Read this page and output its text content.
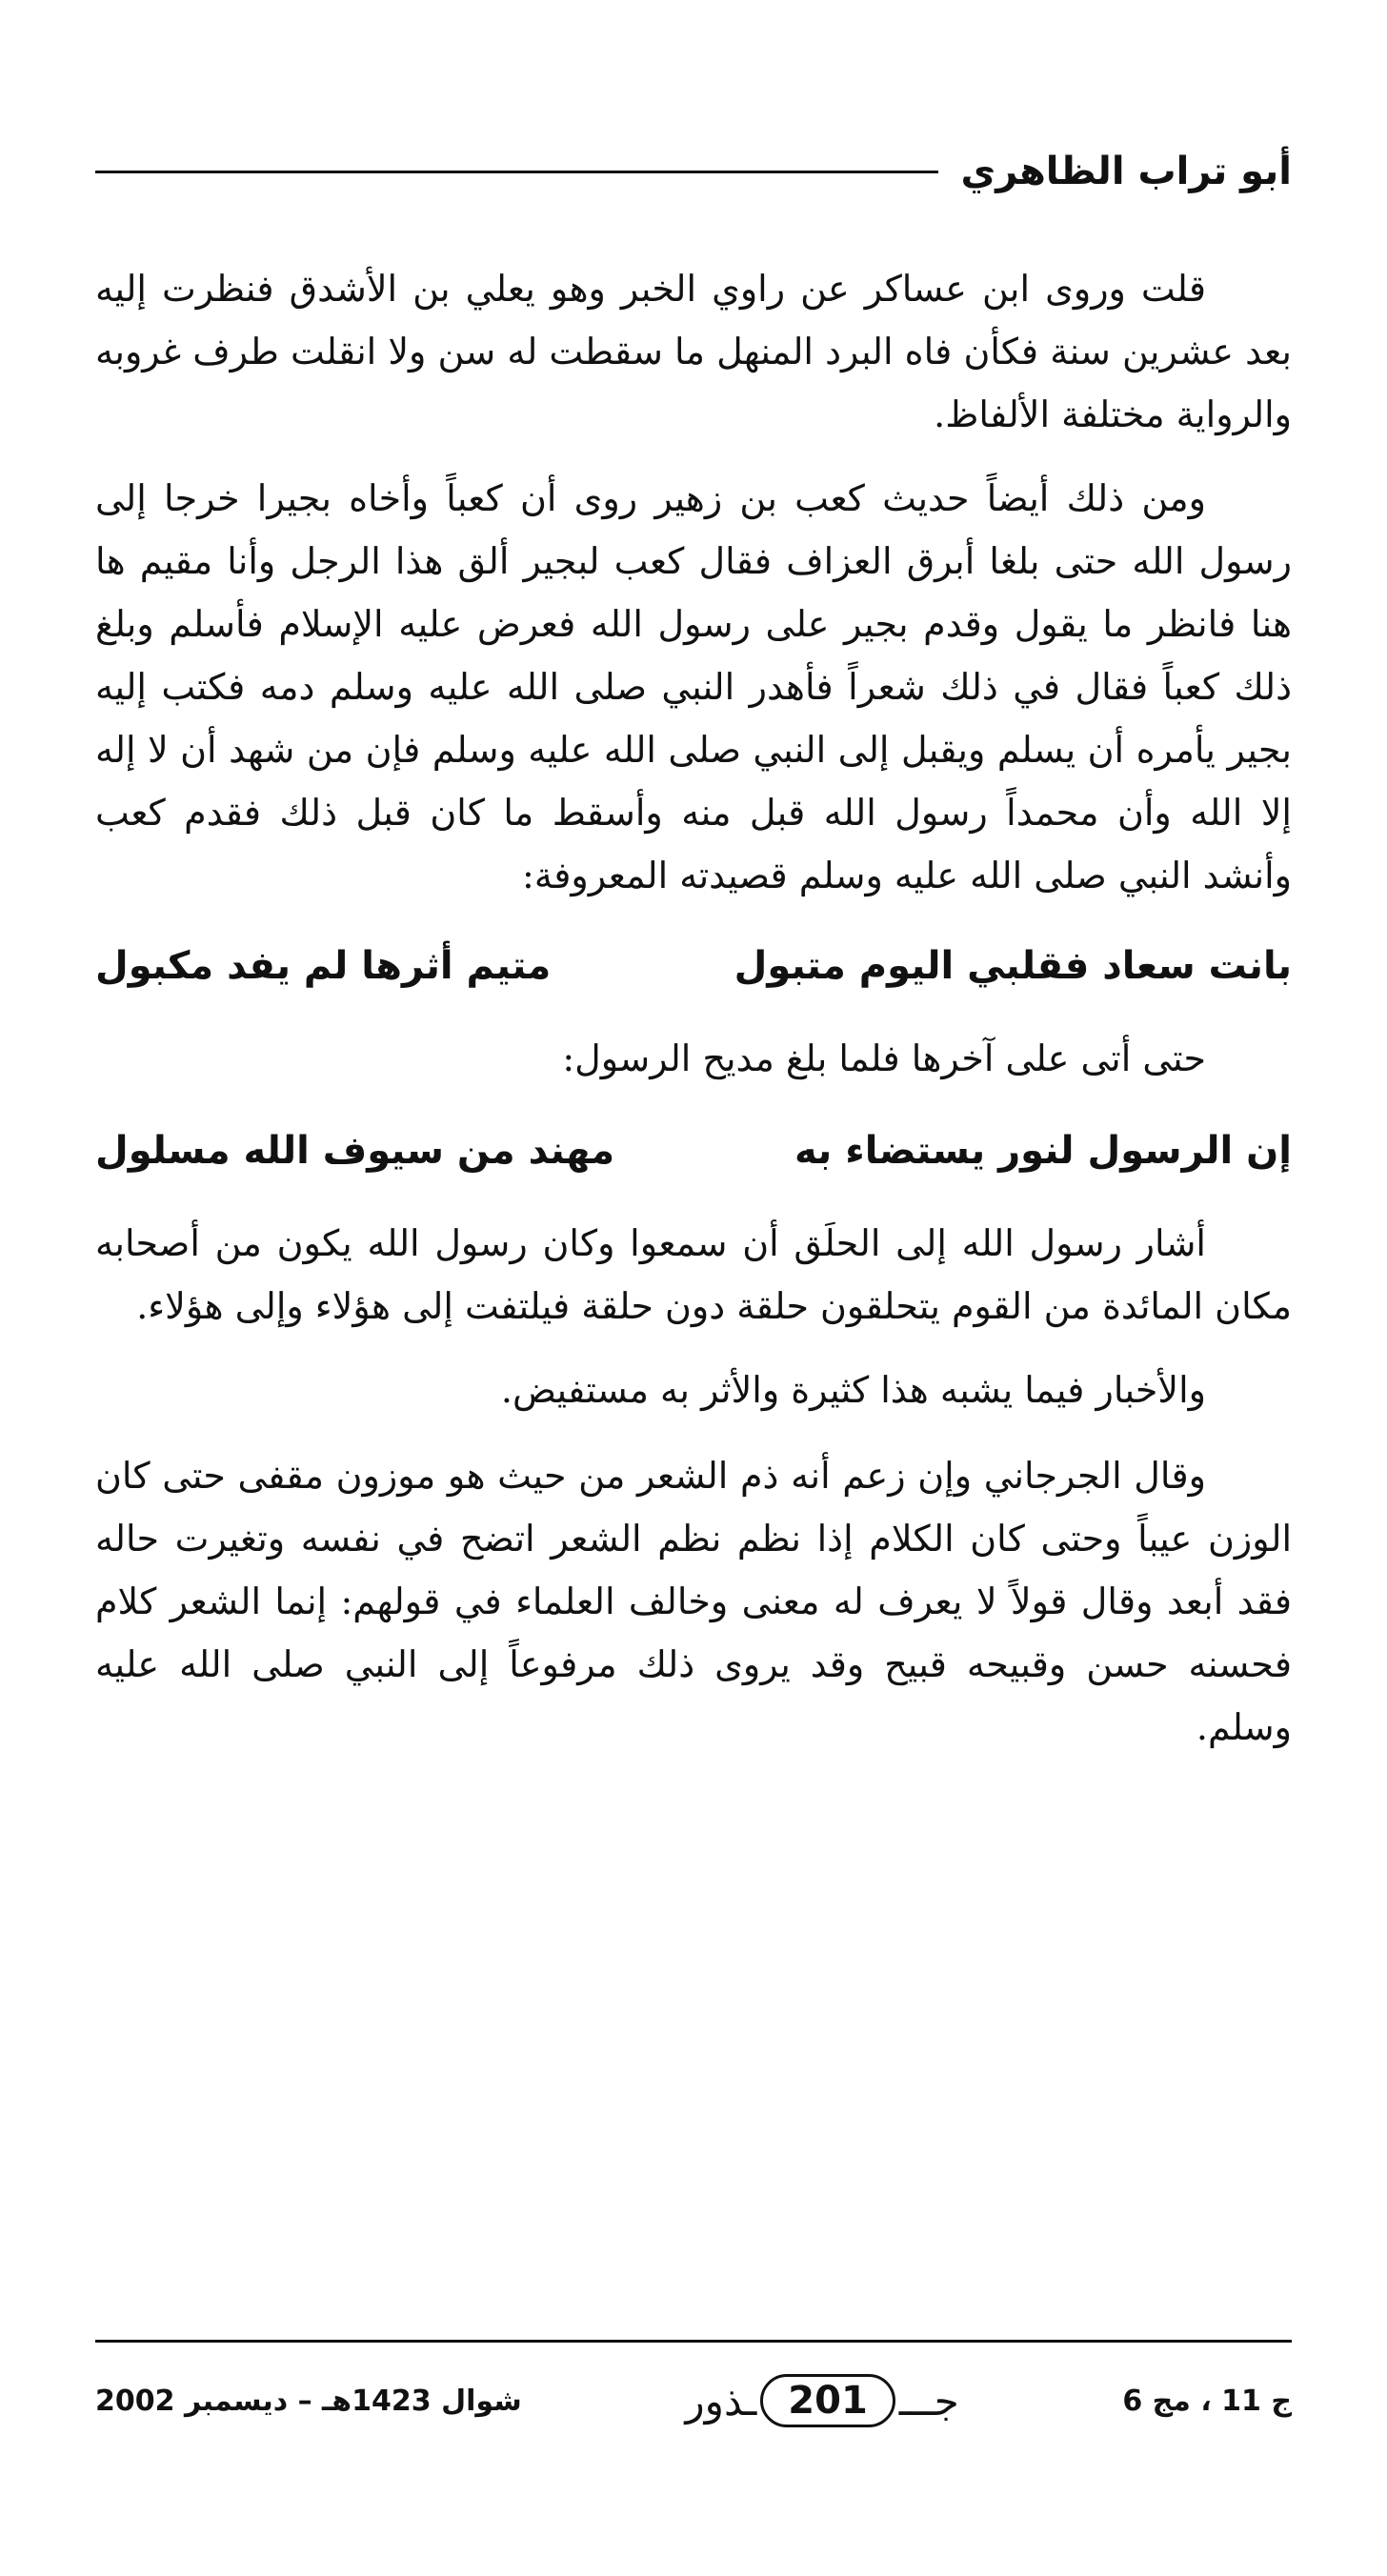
أبو تراب الظاهري

قلت وروى ابن عساكر عن راوي الخبر وهو يعلي بن الأشدق فنظرت إليه بعد عشرين سنة فكأن فاه البرد المنهل ما سقطت له سن ولا انقلت طرف غروبه والرواية مختلفة الألفاظ.

ومن ذلك أيضاً حديث كعب بن زهير روى أن كعباً وأخاه بجيرا خرجا إلى رسول الله حتى بلغا أبرق العزاف فقال كعب لبجير ألق هذا الرجل وأنا مقيم ها هنا فانظر ما يقول وقدم بجير على رسول الله فعرض عليه الإسلام فأسلم وبلغ ذلك كعباً فقال في ذلك شعراً فأهدر النبي صلى الله عليه وسلم دمه فكتب إليه بجير يأمره أن يسلم ويقبل إلى النبي صلى الله عليه وسلم فإن من شهد أن لا إله إلا الله وأن محمداً رسول الله قبل منه وأسقط ما كان قبل ذلك فقدم كعب وأنشد النبي صلى الله عليه وسلم قصيدته المعروفة:

بانت سعاد فقلبي اليوم متبول
متيم أثرها لم يفد مكبول

حتى أتى على آخرها فلما بلغ مديح الرسول:

إن الرسول لنور يستضاء به
مهند من سيوف الله مسلول

أشار رسول الله إلى الحلَق أن سمعوا وكان رسول الله يكون من أصحابه مكان المائدة من القوم يتحلقون حلقة دون حلقة فيلتفت إلى هؤلاء وإلى هؤلاء.

والأخبار فيما يشبه هذا كثيرة والأثر به مستفيض.

وقال الجرجاني وإن زعم أنه ذم الشعر من حيث هو موزون مقفى حتى كان الوزن عيباً وحتى كان الكلام إذا نظم نظم الشعر اتضح في نفسه وتغيرت حاله فقد أبعد وقال قولاً لا يعرف له معنى وخالف العلماء في قولهم: إنما الشعر كلام فحسنه حسن وقبيحه قبيح وقد يروى ذلك مرفوعاً إلى النبي صلى الله عليه وسلم.

ج 11 ، مج 6
جـــ
201
ـذور
شوال 1423هـ – ديسمبر 2002
